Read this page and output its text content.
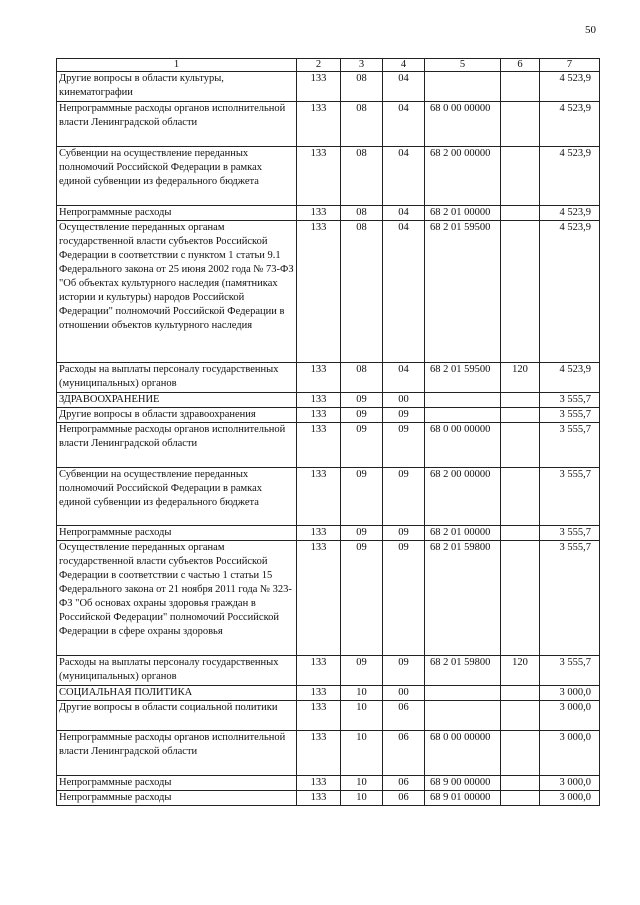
50
1	2	3	4	5	6	7
Другие вопросы в области культуры, кинематографии	133	08	04			4 523,9
Непрограммные расходы органов исполнительной власти Ленинградской области	133	08	04	68 0 00 00000		4 523,9
Субвенции на осуществление переданных полномочий Российской Федерации в рамках единой субвенции из федерального бюджета	133	08	04	68 2 00 00000		4 523,9
Непрограммные расходы	133	08	04	68 2 01 00000		4 523,9
Осуществление переданных органам государственной власти субъектов Российской Федерации в соответствии с пунктом 1 статьи 9.1 Федерального закона от 25 июня 2002 года № 73-ФЗ "Об объектах культурного наследия (памятниках истории и культуры) народов Российской Федерации" полномочий Российской Федерации в отношении объектов культурного наследия	133	08	04	68 2 01 59500		4 523,9
Расходы на выплаты персоналу государственных (муниципальных) органов	133	08	04	68 2 01 59500	120	4 523,9
ЗДРАВООХРАНЕНИЕ	133	09	00			3 555,7
Другие вопросы в области здравоохранения	133	09	09			3 555,7
Непрограммные расходы органов исполнительной власти Ленинградской области	133	09	09	68 0 00 00000		3 555,7
Субвенции на осуществление переданных полномочий Российской Федерации в рамках единой субвенции из федерального бюджета	133	09	09	68 2 00 00000		3 555,7
Непрограммные расходы	133	09	09	68 2 01 00000		3 555,7
Осуществление переданных органам государственной власти субъектов Российской Федерации в соответствии с частью 1 статьи 15 Федерального закона от 21 ноября 2011 года № 323-ФЗ "Об основах охраны здоровья граждан в Российской Федерации" полномочий Российской Федерации в сфере охраны здоровья	133	09	09	68 2 01 59800		3 555,7
Расходы на выплаты персоналу государственных (муниципальных) органов	133	09	09	68 2 01 59800	120	3 555,7
СОЦИАЛЬНАЯ ПОЛИТИКА	133	10	00			3 000,0
Другие вопросы в области социальной политики	133	10	06			3 000,0
Непрограммные расходы органов исполнительной власти Ленинградской области	133	10	06	68 0 00 00000		3 000,0
Непрограммные расходы	133	10	06	68 9 00 00000		3 000,0
Непрограммные расходы	133	10	06	68 9 01 00000		3 000,0
